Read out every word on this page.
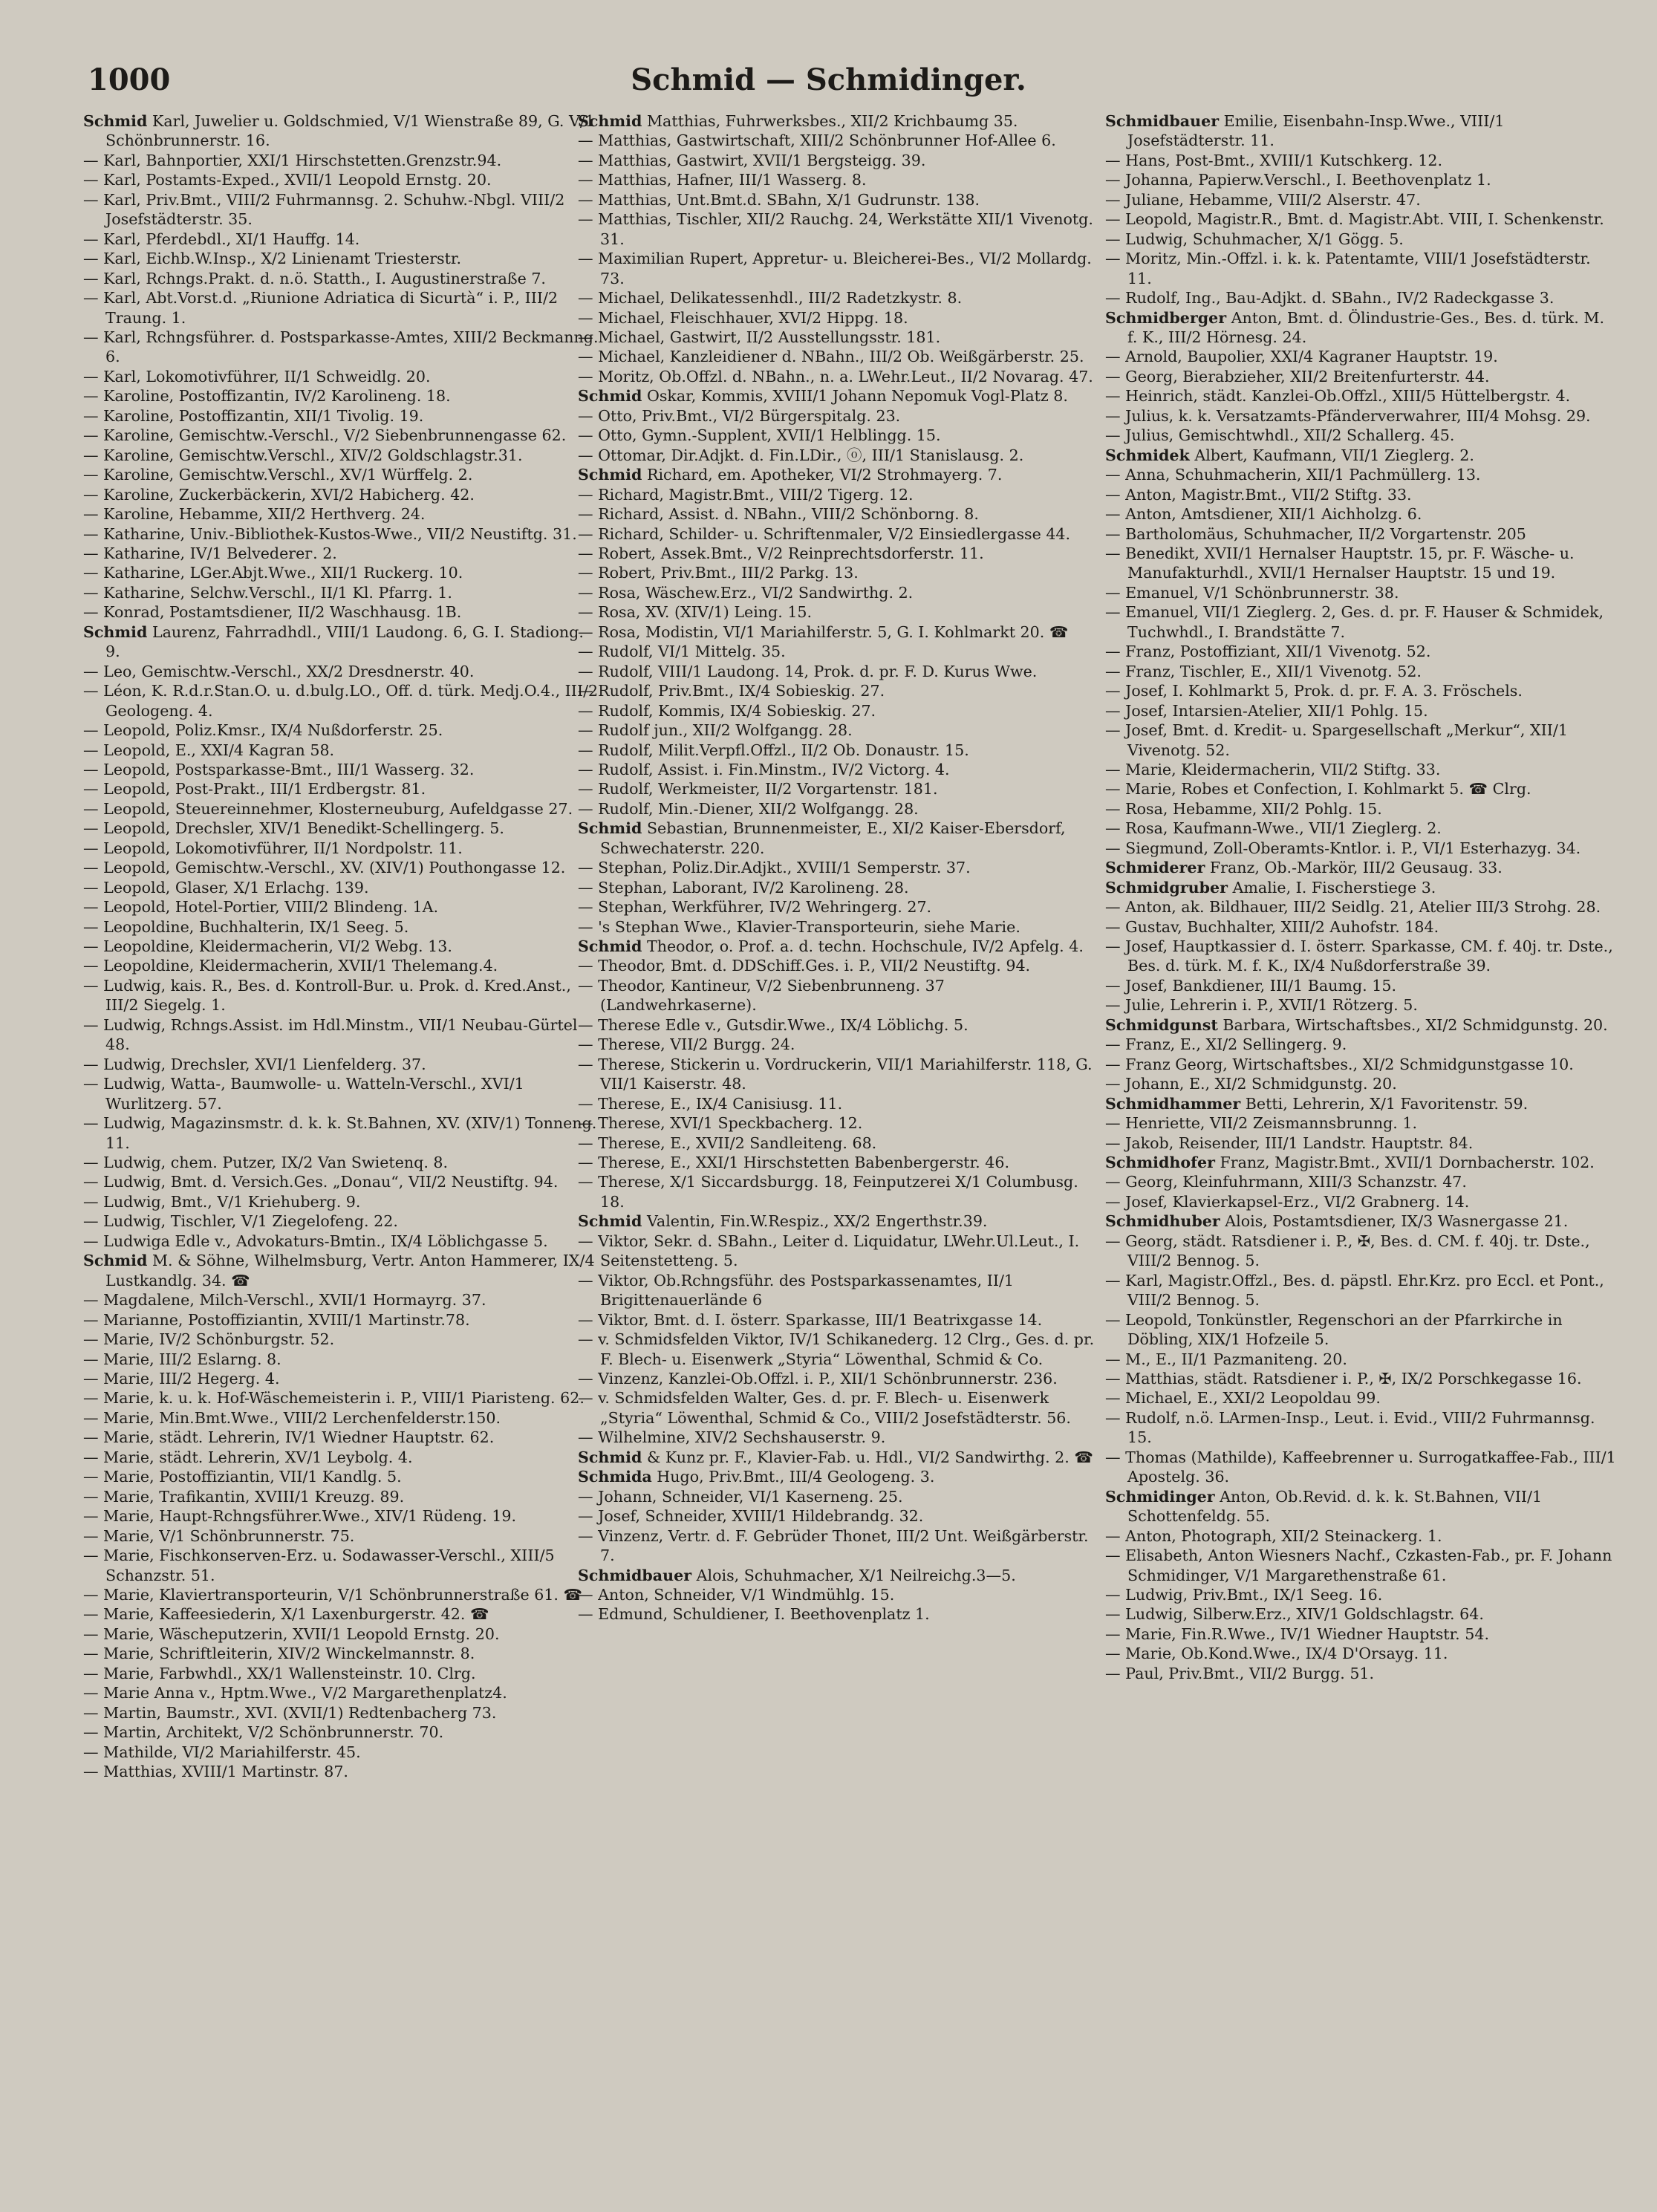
1000	Schmid — Schmidinger.

Schmid Karl, Juwelier u. Goldschmied, V/1 Wienstraße 89, G. V/1 Schönbrunnerstr. 16.

— Karl, Bahnportier, XXI/1 Hirschstetten.Grenzstr.94.

— Karl, Postamts-Exped., XVII/1 Leopold Ernstg. 20.

— Karl, Priv.Bmt., VIII/2 Fuhrmannsg. 2. Schuhw.-Nbgl. VIII/2 Josefstädterstr. 35.

— Karl, Pferdebdl., XI/1 Hauffg. 14.

— Karl, Eichb.W.Insp., X/2 Linienamt Triesterstr.

— Karl, Rchngs.Prakt. d. n.ö. Statth., I. Augustinerstraße 7.

— Karl, Abt.Vorst.d. „Riunione Adriatica di Sicurtà“ i. P., III/2 Traung. 1.

— Karl, Rchngsführer. d. Postsparkasse-Amtes, XIII/2 Beckmanng. 6.

— Karl, Lokomotivführer, II/1 Schweidlg. 20.

— Karoline, Postoffizantin, IV/2 Karolineng. 18.

— Karoline, Postoffizantin, XII/1 Tivolig. 19.

— Karoline, Gemischtw.-Verschl., V/2 Siebenbrunnengasse 62.

— Karoline, Gemischtw.Verschl., XIV/2 Goldschlagstr.31.

— Karoline, Gemischtw.Verschl., XV/1 Würffelg. 2.

— Karoline, Zuckerbäckerin, XVI/2 Habicherg. 42.

— Karoline, Hebamme, XII/2 Herthverg. 24.

— Katharine, Univ.-Bibliothek-Kustos-Wwe., VII/2 Neustiftg. 31.

— Katharine, IV/1 Belvederег. 2.

— Katharine, LGer.Abjt.Wwe., XII/1 Ruckerg. 10.

— Katharine, Selchw.Verschl., II/1 Kl. Pfarrg. 1.

— Konrad, Postamtsdiener, II/2 Waschhausg. 1B.

Schmid Laurenz, Fahrradhdl., VIII/1 Laudong. 6, G. I. Stadiong. 9.

— Leo, Gemischtw.-Verschl., XX/2 Dresdnerstr. 40.

— Léon, K. R.d.r.Stan.O. u. d.bulg.LO., Off. d. türk. Medj.O.4., III/2 Geologeng. 4.

— Leopold, Poliz.Kmsr., IX/4 Nußdorferstr. 25.

— Leopold, E., XXI/4 Kagran 58.

— Leopold, Postsparkasse-Bmt., III/1 Wasserg. 32.

— Leopold, Post-Prakt., III/1 Erdbergstr. 81.

— Leopold, Steuereinnehmer, Klosterneuburg, Aufeldgasse 27.

— Leopold, Drechsler, XIV/1 Benedikt-Schellingerg. 5.

— Leopold, Lokomotivführer, II/1 Nordpolstr. 11.

— Leopold, Gemischtw.-Verschl., XV. (XIV/1) Pouthongasse 12.

— Leopold, Glaser, X/1 Erlachg. 139.

— Leopold, Hotel-Portier, VIII/2 Blindeng. 1A.

— Leopoldine, Buchhalterin, IX/1 Seeg. 5.

— Leopoldine, Kleidermacherin, VI/2 Webg. 13.

— Leopoldine, Kleidermacherin, XVII/1 Thelemang.4.

— Ludwig, kais. R., Bes. d. Kontroll-Bur. u. Prok. d. Kred.Anst., III/2 Siegelg. 1.

— Ludwig, Rchngs.Assist. im Hdl.Minstm., VII/1 Neubau-Gürtel 48.

— Ludwig, Drechsler, XVI/1 Lienfelderg. 37.

— Ludwig, Watta-, Baumwolle- u. Watteln-Verschl., XVI/1 Wurlitzerg. 57.

— Ludwig, Magazinsmstr. d. k. k. St.Bahnen, XV. (XIV/1) Tonneng. 11.

— Ludwig, chem. Putzer, IX/2 Van Swietenq. 8.

— Ludwig, Bmt. d. Versich.Ges. „Donau“, VII/2 Neustiftg. 94.

— Ludwig, Bmt., V/1 Kriehuberg. 9.

— Ludwig, Tischler, V/1 Ziegelofeng. 22.

— Ludwiga Edle v., Advokaturs-Bmtin., IX/4 Löblichgasse 5.

Schmid M. & Söhne, Wilhelmsburg, Vertr. Anton Hammerer, IX/4 Lustkandlg. 34. ☎

— Magdalene, Milch-Verschl., XVII/1 Hormayrg. 37.

— Marianne, Postoffiziantin, XVIII/1 Martinstr.78.

— Marie, IV/2 Schönburgstr. 52.

— Marie, III/2 Eslarng. 8.

— Marie, III/2 Hegerg. 4.

— Marie, k. u. k. Hof-Wäschemeisterin i. P., VIII/1 Piaristeng. 62.

— Marie, Min.Bmt.Wwe., VIII/2 Lerchenfelderstr.150.

— Marie, städt. Lehrerin, IV/1 Wiedner Hauptstr. 62.

— Marie, städt. Lehrerin, XV/1 Leybolg. 4.

— Marie, Postoffiziantin, VII/1 Kandlg. 5.

— Marie, Trafikantin, XVIII/1 Kreuzg. 89.

— Marie, Haupt-Rchngsführer.Wwe., XIV/1 Rüdeng. 19.

— Marie, V/1 Schönbrunnerstr. 75.

— Marie, Fischkonserven-Erz. u. Sodawasser-Verschl., XIII/5 Schanzstr. 51.

— Marie, Klaviertransporteurin, V/1 Schönbrunnerstraße 61. ☎

— Marie, Kaffeesiederin, X/1 Laxenburgerstr. 42. ☎

— Marie, Wäscheputzerin, XVII/1 Leopold Ernstg. 20.

— Marie, Schriftleiterin, XIV/2 Winckelmannstr. 8.

— Marie, Farbwhdl., XX/1 Wallensteinstr. 10. Clrg.

— Marie Anna v., Hptm.Wwe., V/2 Margarethenplatz4.

— Martin, Baumstr., XVI. (XVII/1) Redtenbacherg 73.

— Martin, Architekt, V/2 Schönbrunnerstr. 70.

— Mathilde, VI/2 Mariahilferstr. 45.

— Matthias, XVIII/1 Martinstr. 87.

Schmid Matthias, Fuhrwerksbes., XII/2 Krichbaumg 35.

— Matthias, Gastwirtschaft, XIII/2 Schönbrunner Hof-Allee 6.

— Matthias, Gastwirt, XVII/1 Bergsteigg. 39.

— Matthias, Hafner, III/1 Wasserg. 8.

— Matthias, Unt.Bmt.d. SBahn, X/1 Gudrunstr. 138.

— Matthias, Tischler, XII/2 Rauchg. 24, Werkstätte XII/1 Vivenotg. 31.

— Maximilian Rupert, Appretur- u. Bleicherei-Bes., VI/2 Mollardg. 73.

— Michael, Delikatessenhdl., III/2 Radetzkystr. 8.

— Michael, Fleischhauer, XVI/2 Hippg. 18.

— Michael, Gastwirt, II/2 Ausstellungsstr. 181.

— Michael, Kanzleidiener d. NBahn., III/2 Ob. Weißgärberstr. 25.

— Moritz, Ob.Offzl. d. NBahn., n. a. LWehr.Leut., II/2 Novarag. 47.

Schmid Oskar, Kommis, XVIII/1 Johann Nepomuk Vogl-Platz 8.

— Otto, Priv.Bmt., VI/2 Bürgerspitalg. 23.

— Otto, Gymn.-Supplent, XVII/1 Helblingg. 15.

— Ottomar, Dir.Adjkt. d. Fin.LDir., ⓞ, III/1 Stanislausg. 2.

Schmid Richard, em. Apotheker, VI/2 Strohmayerg. 7.

— Richard, Magistr.Bmt., VIII/2 Tigerg. 12.

— Richard, Assist. d. NBahn., VIII/2 Schönborng. 8.

— Richard, Schilder- u. Schriftenmaler, V/2 Einsiedlergasse 44.

— Robert, Assek.Bmt., V/2 Reinprechtsdorferstr. 11.

— Robert, Priv.Bmt., III/2 Parkg. 13.

— Rosa, Wäschew.Erz., VI/2 Sandwirthg. 2.

— Rosa, XV. (XIV/1) Leing. 15.

— Rosa, Modistin, VI/1 Mariahilferstr. 5, G. I. Kohlmarkt 20. ☎

— Rudolf, VI/1 Mittelg. 35.

— Rudolf, VIII/1 Laudong. 14, Prok. d. pr. F. D. Kurus Wwe.

— Rudolf, Priv.Bmt., IX/4 Sobieskig. 27.

— Rudolf, Kommis, IX/4 Sobieskig. 27.

— Rudolf jun., XII/2 Wolfgangg. 28.

— Rudolf, Milit.Verpfl.Offzl., II/2 Ob. Donaustr. 15.

— Rudolf, Assist. i. Fin.Minstm., IV/2 Victorg. 4.

— Rudolf, Werkmeister, II/2 Vorgartenstr. 181.

— Rudolf, Min.-Diener, XII/2 Wolfgangg. 28.

Schmid Sebastian, Brunnenmeister, E., XI/2 Kaiser-Ebersdorf, Schwechaterstr. 220.

— Stephan, Poliz.Dir.Adjkt., XVIII/1 Semperstr. 37.

— Stephan, Laborant, IV/2 Karolineng. 28.

— Stephan, Werkführer, IV/2 Wehringerg. 27.

— 's Stephan Wwe., Klavier-Transporteurin, siehe Marie.

Schmid Theodor, o. Prof. a. d. techn. Hochschule, IV/2 Apfelg. 4.

— Theodor, Bmt. d. DDSchiff.Ges. i. P., VII/2 Neustiftg. 94.

— Theodor, Kantineur, V/2 Siebenbrunneng. 37 (Landwehrkaserne).

— Therese Edle v., Gutsdir.Wwe., IX/4 Löblichg. 5.

— Therese, VII/2 Burgg. 24.

— Therese, Stickerin u. Vordruckerin, VII/1 Mariahilferstr. 118, G. VII/1 Kaiserstr. 48.

— Therese, E., IX/4 Canisiusg. 11.

— Therese, XVI/1 Speckbacherg. 12.

— Therese, E., XVII/2 Sandleiteng. 68.

— Therese, E., XXI/1 Hirschstetten Babenbergerstr. 46.

— Therese, X/1 Siccardsburgg. 18, Feinputzerei X/1 Columbusg. 18.

Schmid Valentin, Fin.W.Respiz., XX/2 Engerthstr.39.

— Viktor, Sekr. d. SBahn., Leiter d. Liquidatur, LWehr.Ul.Leut., I. Seitenstetteng. 5.

— Viktor, Ob.Rchngsführ. des Postsparkassenamtes, II/1 Brigittenauerlände 6

— Viktor, Bmt. d. I. österr. Sparkasse, III/1 Beatrixgasse 14.

— v. Schmidsfelden Viktor, IV/1 Schikanederg. 12 Clrg., Ges. d. pr. F. Blech- u. Eisenwerk „Styria“ Löwenthal, Schmid & Co.

— Vinzenz, Kanzlei-Ob.Offzl. i. P., XII/1 Schönbrunnerstr. 236.

— v. Schmidsfelden Walter, Ges. d. pr. F. Blech- u. Eisenwerk „Styria“ Löwenthal, Schmid & Co., VIII/2 Josefstädterstr. 56.

— Wilhelmine, XIV/2 Sechshauserstr. 9.

Schmid & Kunz pr. F., Klavier-Fab. u. Hdl., VI/2 Sandwirthg. 2. ☎

Schmida Hugo, Priv.Bmt., III/4 Geologeng. 3.

— Johann, Schneider, VI/1 Kaserneng. 25.

— Josef, Schneider, XVIII/1 Hildebrandg. 32.

— Vinzenz, Vertr. d. F. Gebrüder Thonet, III/2 Unt. Weißgärberstr. 7.

Schmidbauer Alois, Schuhmacher, X/1 Neilreichg.3—5.

— Anton, Schneider, V/1 Windmühlg. 15.

— Edmund, Schuldiener, I. Beethovenplatz 1.

Schmidbauer Emilie, Eisenbahn-Insp.Wwe., VIII/1 Josefstädterstr. 11.

— Hans, Post-Bmt., XVIII/1 Kutschkerg. 12.

— Johanna, Papierw.Verschl., I. Beethovenplatz 1.

— Juliane, Hebamme, VIII/2 Alserstr. 47.

— Leopold, Magistr.R., Bmt. d. Magistr.Abt. VIII, I. Schenkenstr.

— Ludwig, Schuhmacher, X/1 Gögg. 5.

— Moritz, Min.-Offzl. i. k. k. Patentamte, VIII/1 Josefstädterstr. 11.

— Rudolf, Ing., Bau-Adjkt. d. SBahn., IV/2 Radeckgasse 3.

Schmidberger Anton, Bmt. d. Ölindustrie-Ges., Bes. d. türk. M. f. K., III/2 Hörnesg. 24.

— Arnold, Baupolier, XXI/4 Kagraner Hauptstr. 19.

— Georg, Bierabzieher, XII/2 Breitenfurterstr. 44.

— Heinrich, städt. Kanzlei-Ob.Offzl., XIII/5 Hüttelbergstr. 4.

— Julius, k. k. Versatzamts-Pfänderverwahrer, III/4 Mohsg. 29.

— Julius, Gemischtwhdl., XII/2 Schallerg. 45.

Schmidek Albert, Kaufmann, VII/1 Zieglerg. 2.

— Anna, Schuhmacherin, XII/1 Pachmüllerg. 13.

— Anton, Magistr.Bmt., VII/2 Stiftg. 33.

— Anton, Amtsdiener, XII/1 Aichholzg. 6.

— Bartholomäus, Schuhmacher, II/2 Vorgartenstr. 205

— Benedikt, XVII/1 Hernalser Hauptstr. 15, pr. F. Wäsche- u. Manufakturhdl., XVII/1 Hernalser Hauptstr. 15 und 19.

— Emanuel, V/1 Schönbrunnerstr. 38.

— Emanuel, VII/1 Zieglerg. 2, Ges. d. pr. F. Hauser & Schmidek, Tuchwhdl., I. Brandstätte 7.

— Franz, Postoffiziant, XII/1 Vivenotg. 52.

— Franz, Tischler, E., XII/1 Vivenotg. 52.

— Josef, I. Kohlmarkt 5, Prok. d. pr. F. A. 3. Fröschels.

— Josef, Intarsien-Atelier, XII/1 Pohlg. 15.

— Josef, Bmt. d. Kredit- u. Spargesellschaft „Merkur“, XII/1 Vivenotg. 52.

— Marie, Kleidermacherin, VII/2 Stiftg. 33.

— Marie, Robes et Confection, I. Kohlmarkt 5. ☎ Clrg.

— Rosa, Hebamme, XII/2 Pohlg. 15.

— Rosa, Kaufmann-Wwe., VII/1 Zieglerg. 2.

— Siegmund, Zoll-Oberamts-Kntlor. i. P., VI/1 Esterhazyg. 34.

Schmiderer Franz, Ob.-Markör, III/2 Geusaug. 33.

Schmidgruber Amalie, I. Fischerstiege 3.

— Anton, ak. Bildhauer, III/2 Seidlg. 21, Atelier III/3 Strohg. 28.

— Gustav, Buchhalter, XIII/2 Auhofstr. 184.

— Josef, Hauptkassier d. I. österr. Sparkasse, CM. f. 40j. tr. Dste., Bes. d. türk. M. f. K., IX/4 Nußdorferstraße 39.

— Josef, Bankdiener, III/1 Baumg. 15.

— Julie, Lehrerin i. P., XVII/1 Rötzerg. 5.

Schmidgunst Barbara, Wirtschaftsbes., XI/2 Schmidgunstg. 20.

— Franz, E., XI/2 Sellingerg. 9.

— Franz Georg, Wirtschaftsbes., XI/2 Schmidgunstgasse 10.

— Johann, E., XI/2 Schmidgunstg. 20.

Schmidhammer Betti, Lehrerin, X/1 Favoritenstr. 59.

— Henriette, VII/2 Zeismannsbrunng. 1.

— Jakob, Reisender, III/1 Landstr. Hauptstr. 84.

Schmidhofer Franz, Magistr.Bmt., XVII/1 Dornbacherstr. 102.

— Georg, Kleinfuhrmann, XIII/3 Schanzstr. 47.

— Josef, Klavierkapsel-Erz., VI/2 Grabnerg. 14.

Schmidhuber Alois, Postamtsdiener, IX/3 Wasnergasse 21.

— Georg, städt. Ratsdiener i. P., ✠, Bes. d. CM. f. 40j. tr. Dste., VIII/2 Bennog. 5.

— Karl, Magistr.Offzl., Bes. d. päpstl. Ehr.Krz. pro Eccl. et Pont., VIII/2 Bennog. 5.

— Leopold, Tonkünstler, Regenschori an der Pfarrkirche in Döbling, XIX/1 Hofzeile 5.

— M., E., II/1 Pazmaniteng. 20.

— Matthias, städt. Ratsdiener i. P., ✠, IX/2 Porschkegasse 16.

— Michael, E., XXI/2 Leopoldau 99.

— Rudolf, n.ö. LArmen-Insp., Leut. i. Evid., VIII/2 Fuhrmannsg. 15.

— Thomas (Mathilde), Kaffeebrenner u. Surrogatkaffee-Fab., III/1 Apostelg. 36.

Schmidinger Anton, Ob.Revid. d. k. k. St.Bahnen, VII/1 Schottenfeldg. 55.

— Anton, Photograph, XII/2 Steinackerg. 1.

— Elisabeth, Anton Wiesners Nachf., Czkasten-Fab., pr. F. Johann Schmidinger, V/1 Margarethenstraße 61.

— Ludwig, Priv.Bmt., IX/1 Seeg. 16.

— Ludwig, Silberw.Erz., XIV/1 Goldschlagstr. 64.

— Marie, Fin.R.Wwe., IV/1 Wiedner Hauptstr. 54.

— Marie, Ob.Kond.Wwe., IX/4 D'Orsayg. 11.

— Paul, Priv.Bmt., VII/2 Burgg. 51.
